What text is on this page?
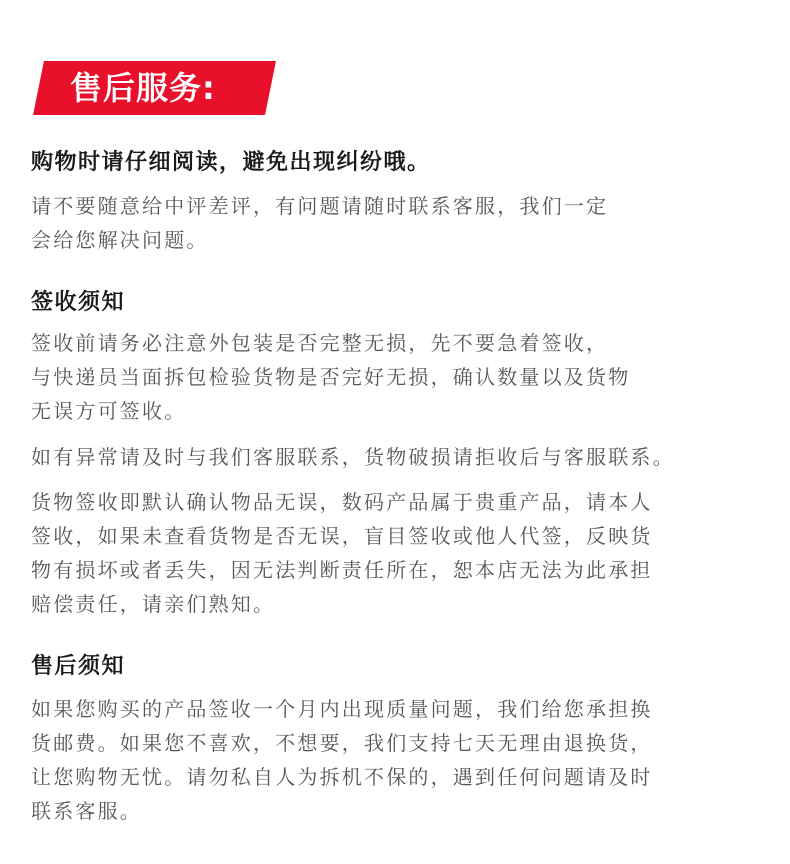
售后服务:
购物时请仔细阅读，避免出现纠纷哦。
请不要随意给中评差评，有问题请随时联系客服，我们一定
会给您解决问题。
签收须知
签收前请务必注意外包装是否完整无损，先不要急着签收，
与快递员当面拆包检验货物是否完好无损，确认数量以及货物
无误方可签收。
如有异常请及时与我们客服联系，货物破损请拒收后与客服联系。
货物签收即默认确认物品无误，数码产品属于贵重产品，请本人
签收，如果未查看货物是否无误，盲目签收或他人代签，反映货
物有损坏或者丢失，因无法判断责任所在，恕本店无法为此承担
赔偿责任，请亲们熟知。
售后须知
如果您购买的产品签收一个月内出现质量问题，我们给您承担换
货邮费。如果您不喜欢，不想要，我们支持七天无理由退换货，
让您购物无忧。请勿私自人为拆机不保的，遇到任何问题请及时
联系客服。
